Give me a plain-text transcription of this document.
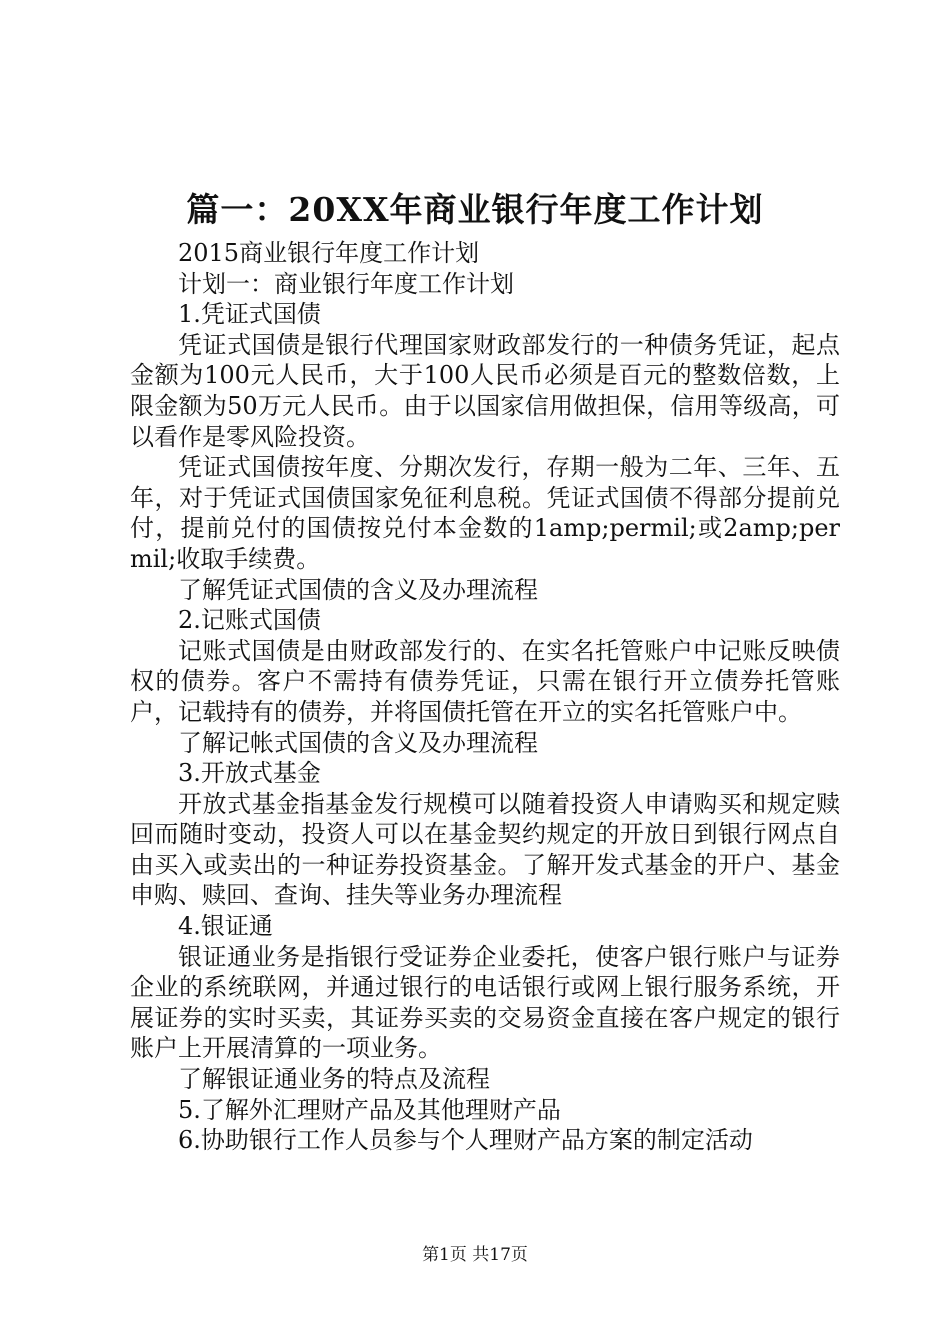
篇一：20XX年商业银行年度工作计划

2015商业银行年度工作计划

计划一：商业银行年度工作计划

1.凭证式国债

凭证式国债是银行代理国家财政部发行的一种债务凭证，起点金额为100元人民币，大于100人民币必须是百元的整数倍数，上限金额为50万元人民币。由于以国家信用做担保，信用等级高，可以看作是零风险投资。

凭证式国债按年度、分期次发行，存期一般为二年、三年、五年，对于凭证式国债国家免征利息税。凭证式国债不得部分提前兑付，提前兑付的国债按兑付本金数的1amp;permil;或2amp;permil;收取手续费。

了解凭证式国债的含义及办理流程

2.记账式国债

记账式国债是由财政部发行的、在实名托管账户中记账反映债权的债券。客户不需持有债券凭证，只需在银行开立债券托管账户，记载持有的债券，并将国债托管在开立的实名托管账户中。

了解记帐式国债的含义及办理流程

3.开放式基金

开放式基金指基金发行规模可以随着投资人申请购买和规定赎回而随时变动，投资人可以在基金契约规定的开放日到银行网点自由买入或卖出的一种证券投资基金。了解开发式基金的开户、基金申购、赎回、查询、挂失等业务办理流程

4.银证通

银证通业务是指银行受证券企业委托，使客户银行账户与证券企业的系统联网，并通过银行的电话银行或网上银行服务系统，开展证券的实时买卖，其证券买卖的交易资金直接在客户规定的银行账户上开展清算的一项业务。

了解银证通业务的特点及流程

5.了解外汇理财产品及其他理财产品

6.协助银行工作人员参与个人理财产品方案的制定活动

第1页 共17页
